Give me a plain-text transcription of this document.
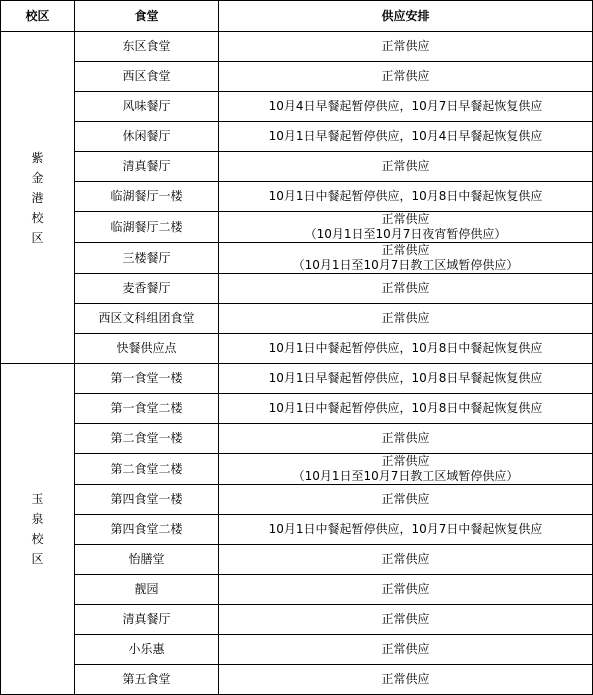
校区	食堂	供应安排
紫金港校区	东区食堂	正常供应

	西区食堂	正常供应

	风味餐厅	10月4日早餐起暂停供应，10月7日早餐起恢复供应

	休闲餐厅	10月1日早餐起暂停供应，10月4日早餐起恢复供应

	清真餐厅	正常供应

	临湖餐厅一楼	10月1日中餐起暂停供应，10月8日中餐起恢复供应

	临湖餐厅二楼	正常供应
（10月1日至10月7日夜宵暂停供应）

	三楼餐厅	正常供应
（10月1日至10月7日教工区域暂停供应）

	麦香餐厅	正常供应

	西区文科组团食堂	正常供应

	快餐供应点	10月1日中餐起暂停供应，10月8日中餐起恢复供应

玉泉校区	第一食堂一楼	10月1日早餐起暂停供应，10月8日早餐起恢复供应

	第一食堂二楼	10月1日中餐起暂停供应，10月8日中餐起恢复供应

	第二食堂一楼	正常供应

	第二食堂二楼	正常供应
（10月1日至10月7日教工区域暂停供应）

	第四食堂一楼	正常供应

	第四食堂二楼	10月1日中餐起暂停供应，10月7日中餐起恢复供应

	怡膳堂	正常供应

	靓园	正常供应

	清真餐厅	正常供应

	小乐惠	正常供应

	第五食堂	正常供应
